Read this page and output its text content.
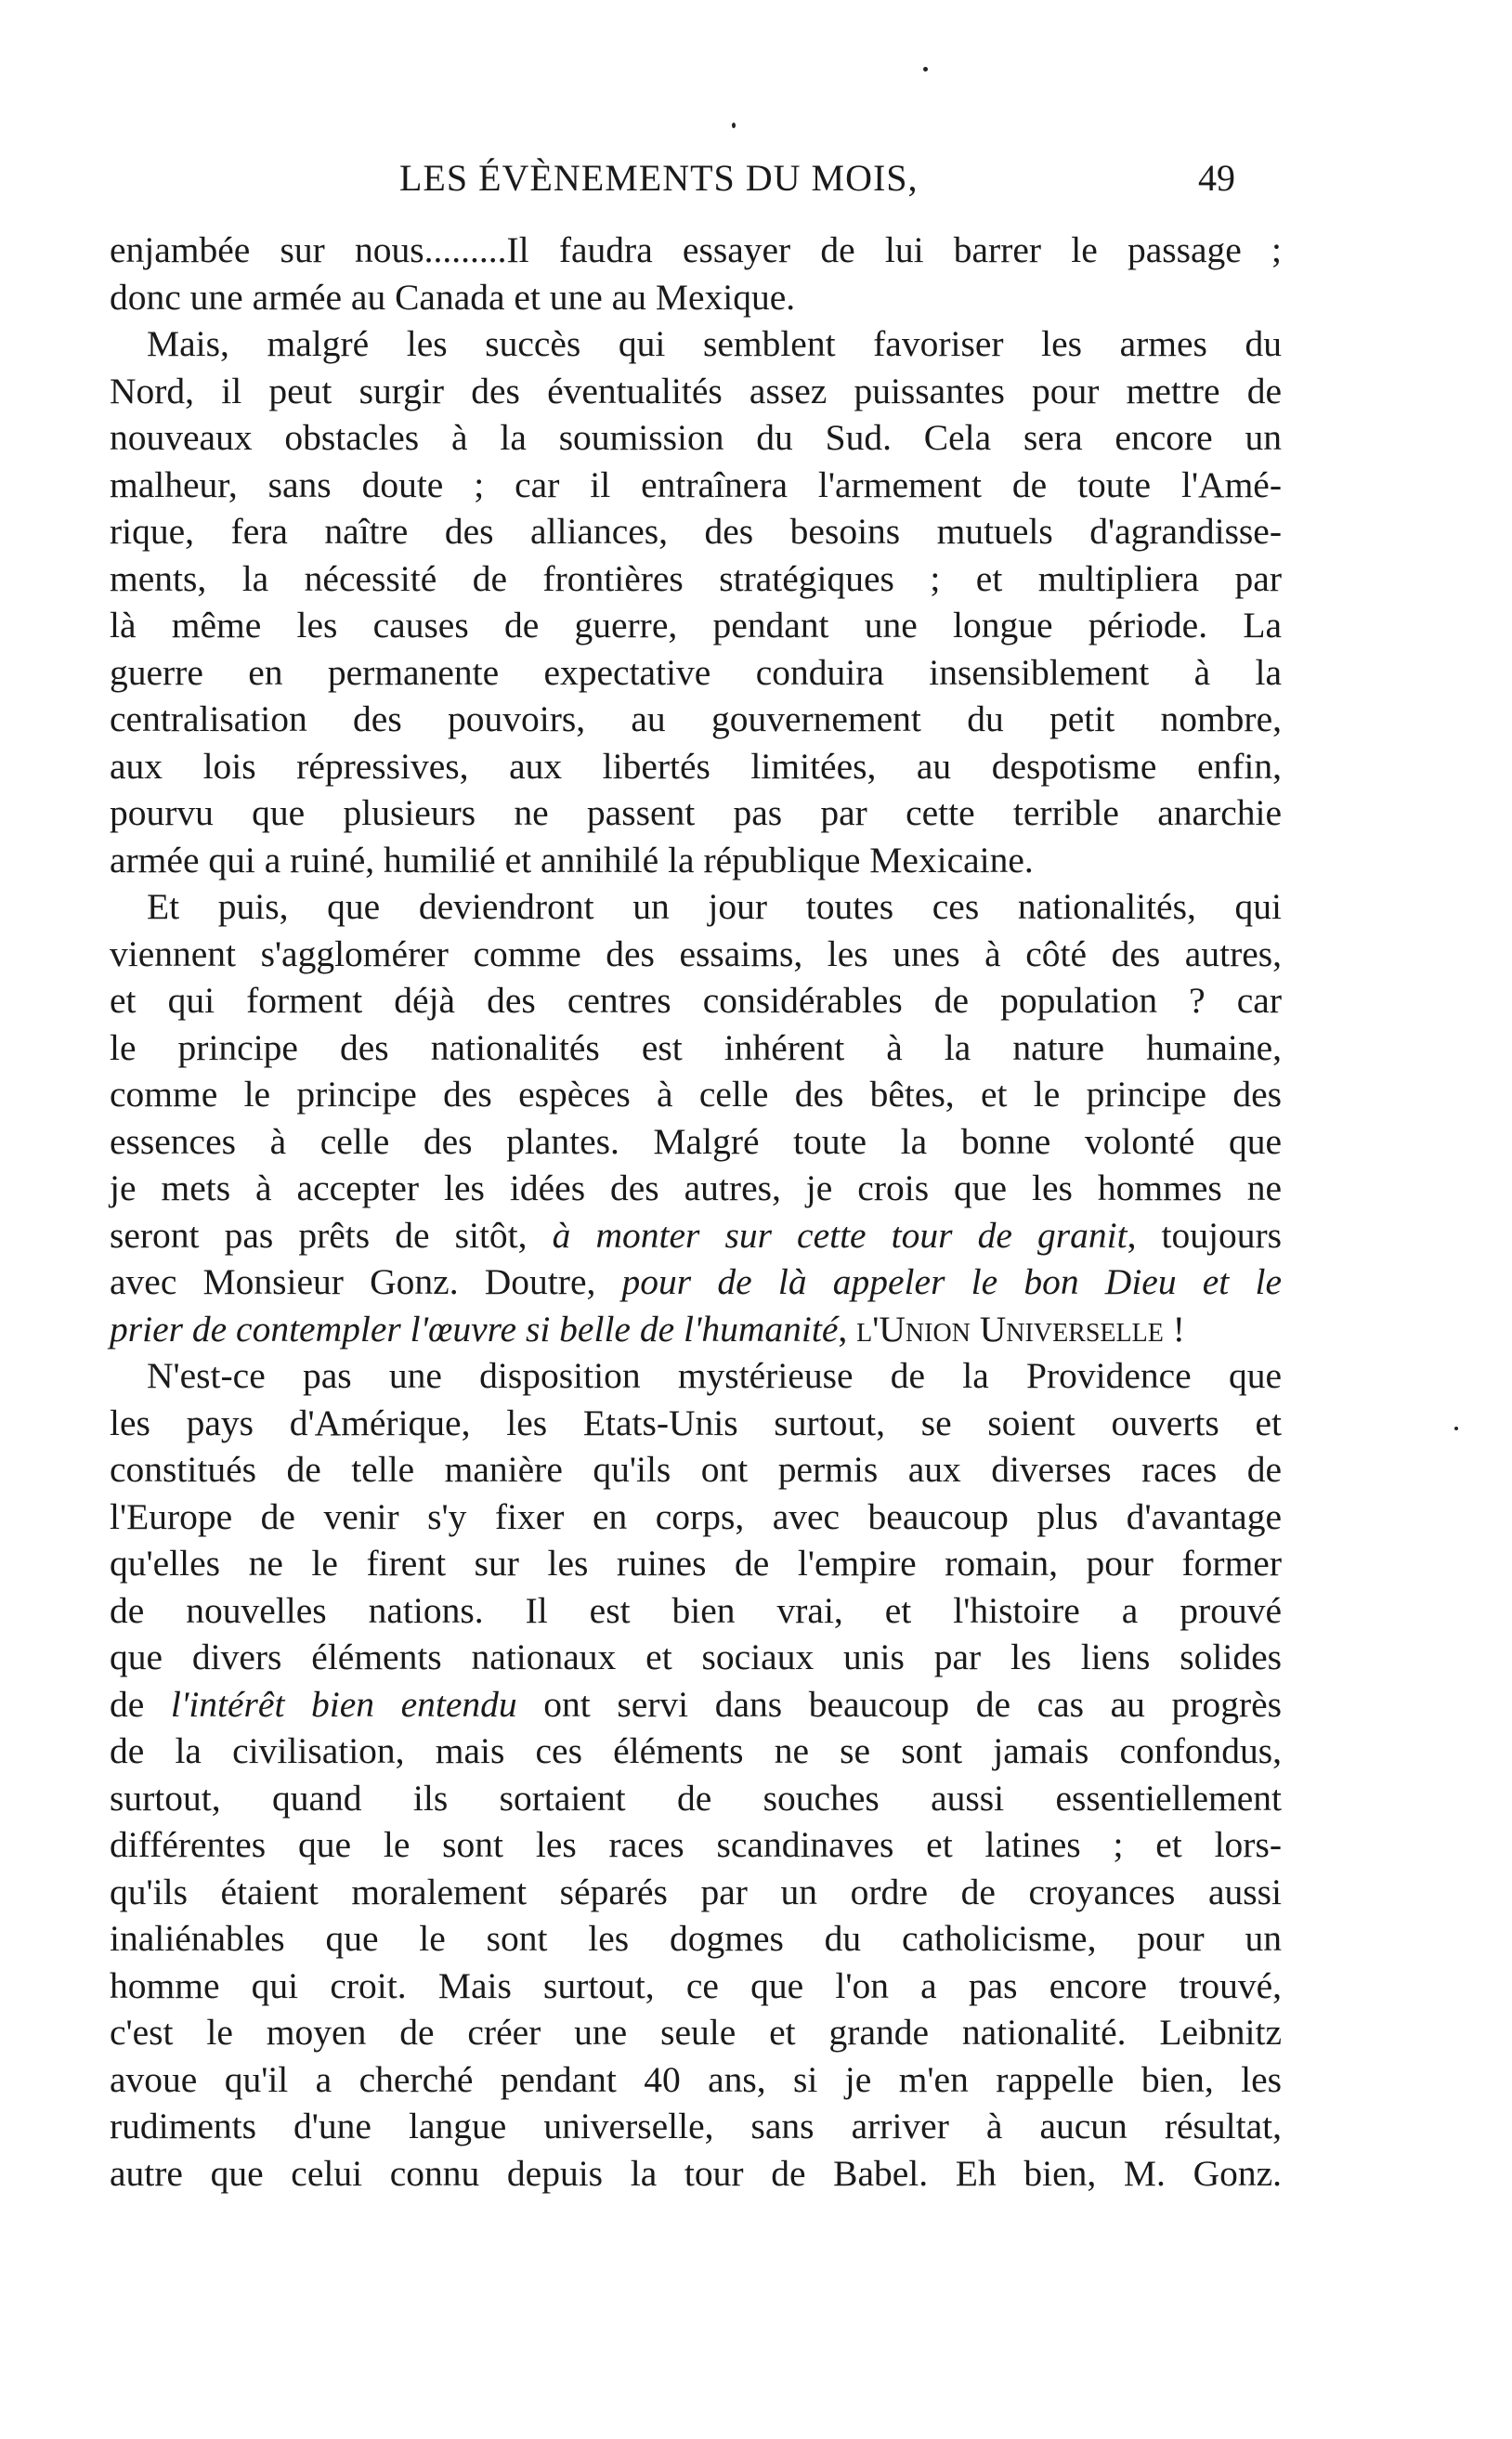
LES ÉVÈNEMENTS DU MOIS,	49
enjambée sur nous.........Il faudra essayer de lui barrer le passage ;
donc une armée au Canada et une au Mexique.
Mais, malgré les succès qui semblent favoriser les armes du
Nord, il peut surgir des éventualités assez puissantes pour mettre de
nouveaux obstacles à la soumission du Sud. Cela sera encore un
malheur, sans doute ; car il entraînera l'armement de toute l'Amé-
rique, fera naître des alliances, des besoins mutuels d'agrandisse-
ments, la nécessité de frontières stratégiques ; et multipliera par
là même les causes de guerre, pendant une longue période. La
guerre en permanente expectative conduira insensiblement à la
centralisation des pouvoirs, au gouvernement du petit nombre,
aux lois répressives, aux libertés limitées, au despotisme enfin,
pourvu que plusieurs ne passent pas par cette terrible anarchie
armée qui a ruiné, humilié et annihilé la république Mexicaine.
Et puis, que deviendront un jour toutes ces nationalités, qui
viennent s'agglomérer comme des essaims, les unes à côté des autres,
et qui forment déjà des centres considérables de population ? car
le principe des nationalités est inhérent à la nature humaine,
comme le principe des espèces à celle des bêtes, et le principe des
essences à celle des plantes. Malgré toute la bonne volonté que
je mets à accepter les idées des autres, je crois que les hommes ne
seront pas prêts de sitôt, à monter sur cette tour de granit, toujours
avec Monsieur Gonz. Doutre, pour de là appeler le bon Dieu et le
prier de contempler l'œuvre si belle de l'humanité, l'Union Universelle !
N'est-ce pas une disposition mystérieuse de la Providence que
les pays d'Amérique, les Etats-Unis surtout, se soient ouverts et
constitués de telle manière qu'ils ont permis aux diverses races de
l'Europe de venir s'y fixer en corps, avec beaucoup plus d'avantage
qu'elles ne le firent sur les ruines de l'empire romain, pour former
de nouvelles nations. Il est bien vrai, et l'histoire a prouvé
que divers éléments nationaux et sociaux unis par les liens solides
de l'intérêt bien entendu ont servi dans beaucoup de cas au progrès
de la civilisation, mais ces éléments ne se sont jamais confondus,
surtout, quand ils sortaient de souches aussi essentiellement
différentes que le sont les races scandinaves et latines ; et lors-
qu'ils étaient moralement séparés par un ordre de croyances aussi
inaliénables que le sont les dogmes du catholicisme, pour un
homme qui croit. Mais surtout, ce que l'on a pas encore trouvé,
c'est le moyen de créer une seule et grande nationalité. Leibnitz
avoue qu'il a cherché pendant 40 ans, si je m'en rappelle bien, les
rudiments d'une langue universelle, sans arriver à aucun résultat,
autre que celui connu depuis la tour de Babel. Eh bien, M. Gonz.
